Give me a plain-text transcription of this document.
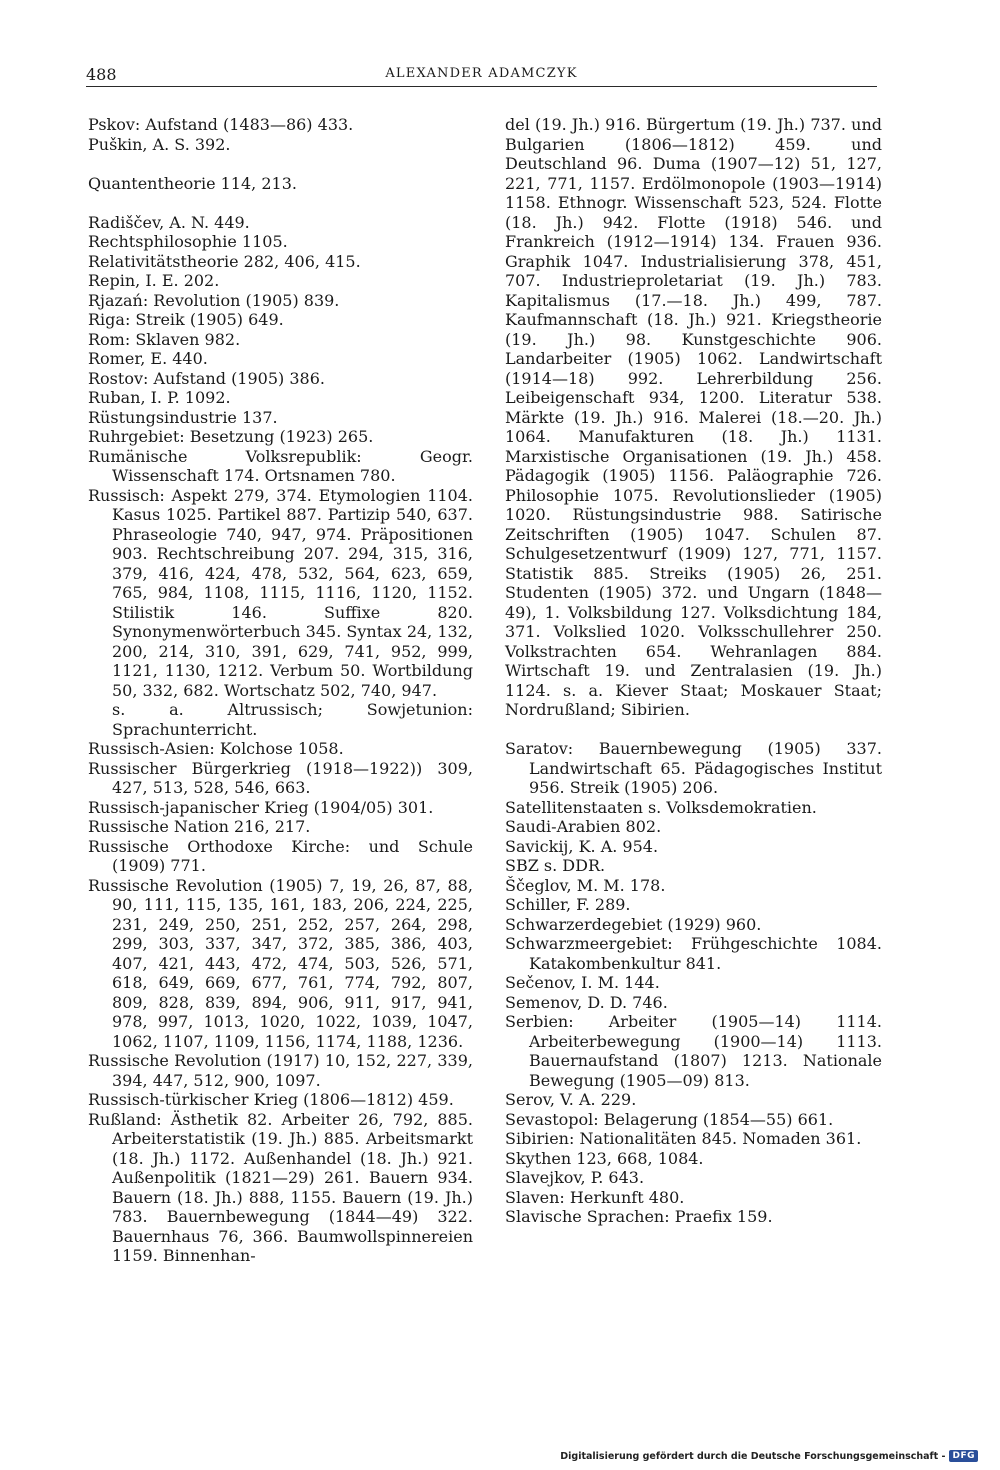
488	ALEXANDER ADAMCZYK

Pskov: Aufstand (1483—86) 433.

Puškin, A. S. 392.

Quantentheorie 114, 213.

Radiščev, A. N. 449.

Rechtsphilosophie 1105.

Relativitätstheorie 282, 406, 415.

Repin, I. E. 202.

Rjazań: Revolution (1905) 839.

Riga: Streik (1905) 649.

Rom: Sklaven 982.

Romer, E. 440.

Rostov: Aufstand (1905) 386.

Ruban, I. P. 1092.

Rüstungsindustrie 137.

Ruhrgebiet: Besetzung (1923) 265.

Rumänische Volksrepublik: Geogr. Wissenschaft 174. Ortsnamen 780.

Russisch: Aspekt 279, 374. Etymologien 1104. Kasus 1025. Partikel 887. Partizip 540, 637. Phraseologie 740, 947, 974. Präpositionen 903. Rechtschreibung 207. 294, 315, 316, 379, 416, 424, 478, 532, 564, 623, 659, 765, 984, 1108, 1115, 1116, 1120, 1152. Stilistik 146. Suffixe 820. Synonymenwörterbuch 345. Syntax 24, 132, 200, 214, 310, 391, 629, 741, 952, 999, 1121, 1130, 1212. Verbum 50. Wortbildung 50, 332, 682. Wortschatz 502, 740, 947.

s. a. Altrussisch; Sowjetunion: Sprachunterricht.

Russisch-Asien: Kolchose 1058.

Russischer Bürgerkrieg (1918—1922)) 309, 427, 513, 528, 546, 663.

Russisch-japanischer Krieg (1904/05) 301.

Russische Nation 216, 217.

Russische Orthodoxe Kirche: und Schule (1909) 771.

Russische Revolution (1905) 7, 19, 26, 87, 88, 90, 111, 115, 135, 161, 183, 206, 224, 225, 231, 249, 250, 251, 252, 257, 264, 298, 299, 303, 337, 347, 372, 385, 386, 403, 407, 421, 443, 472, 474, 503, 526, 571, 618, 649, 669, 677, 761, 774, 792, 807, 809, 828, 839, 894, 906, 911, 917, 941, 978, 997, 1013, 1020, 1022, 1039, 1047, 1062, 1107, 1109, 1156, 1174, 1188, 1236.

Russische Revolution (1917) 10, 152, 227, 339, 394, 447, 512, 900, 1097.

Russisch-türkischer Krieg (1806—1812) 459.

Rußland: Ästhetik 82. Arbeiter 26, 792, 885. Arbeiterstatistik (19. Jh.) 885. Arbeitsmarkt (18. Jh.) 1172. Außenhandel (18. Jh.) 921. Außenpolitik (1821—29) 261. Bauern 934. Bauern (18. Jh.) 888, 1155. Bauern (19. Jh.) 783. Bauernbewegung (1844—49) 322. Bauernhaus 76, 366. Baumwollspinnereien 1159. Binnenhan-

del (19. Jh.) 916. Bürgertum (19. Jh.) 737. und Bulgarien (1806—1812) 459. und Deutschland 96. Duma (1907—12) 51, 127, 221, 771, 1157. Erdölmonopole (1903—1914) 1158. Ethnogr. Wissenschaft 523, 524. Flotte (18. Jh.) 942. Flotte (1918) 546. und Frankreich (1912—1914) 134. Frauen 936. Graphik 1047. Industrialisierung 378, 451, 707. Industrieproletariat (19. Jh.) 783. Kapitalismus (17.—18. Jh.) 499, 787. Kaufmannschaft (18. Jh.) 921. Kriegstheorie (19. Jh.) 98. Kunstgeschichte 906. Landarbeiter (1905) 1062. Landwirtschaft (1914—18) 992. Lehrerbildung 256. Leibeigenschaft 934, 1200. Literatur 538. Märkte (19. Jh.) 916. Malerei (18.—20. Jh.) 1064. Manufakturen (18. Jh.) 1131. Marxistische Organisationen (19. Jh.) 458. Pädagogik (1905) 1156. Paläographie 726. Philosophie 1075. Revolutionslieder (1905) 1020. Rüstungsindustrie 988. Satirische Zeitschriften (1905) 1047. Schulen 87. Schulgesetzentwurf (1909) 127, 771, 1157. Statistik 885. Streiks (1905) 26, 251. Studenten (1905) 372. und Ungarn (1848—49), 1. Volksbildung 127. Volksdichtung 184, 371. Volkslied 1020. Volksschullehrer 250. Volkstrachten 654. Wehranlagen 884. Wirtschaft 19. und Zentralasien (19. Jh.) 1124. s. a. Kiever Staat; Moskauer Staat; Nordrußland; Sibirien.

Saratov: Bauernbewegung (1905) 337. Landwirtschaft 65. Pädagogisches Institut 956. Streik (1905) 206.

Satellitenstaaten s. Volksdemokratien.

Saudi-Arabien 802.

Savickij, K. A. 954.

SBZ s. DDR.

Ščeglov, M. M. 178.

Schiller, F. 289.

Schwarzerdegebiet (1929) 960.

Schwarzmeergebiet: Frühgeschichte 1084. Katakombenkultur 841.

Sečenov, I. M. 144.

Semenov, D. D. 746.

Serbien: Arbeiter (1905—14) 1114. Arbeiterbewegung (1900—14) 1113. Bauernaufstand (1807) 1213. Nationale Bewegung (1905—09) 813.

Serov, V. A. 229.

Sevastopol: Belagerung (1854—55) 661.

Sibirien: Nationalitäten 845. Nomaden 361.

Skythen 123, 668, 1084.

Slavejkov, P. 643.

Slaven: Herkunft 480.

Slavische Sprachen: Praefix 159.

Digitalisierung gefördert durch die Deutsche Forschungsgemeinschaft - DFG
